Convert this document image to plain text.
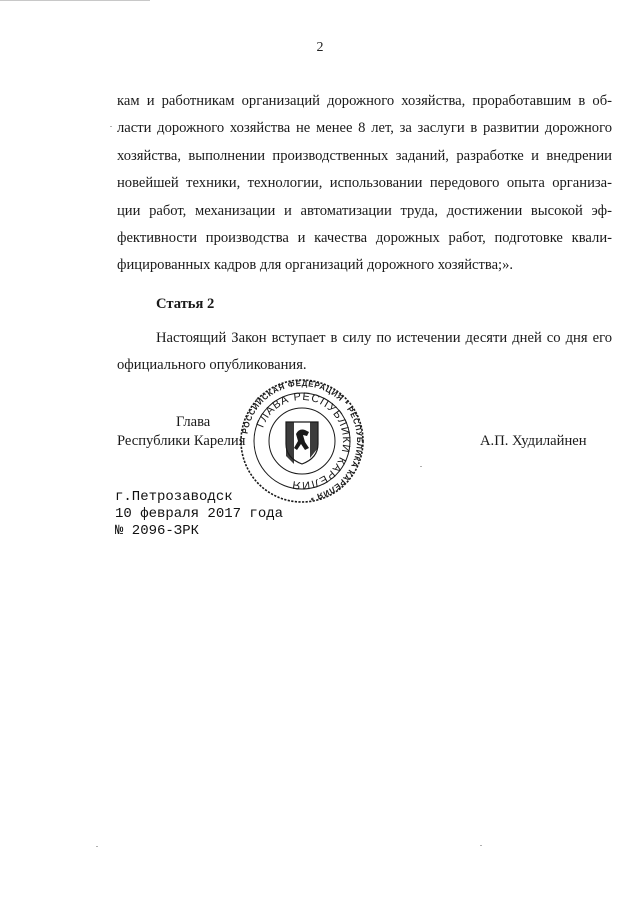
2
кам и работникам организаций дорожного хозяйства, проработавшим в об-
ласти дорожного хозяйства не менее 8 лет, за заслуги в развитии дорожного
хозяйства, выполнении производственных заданий, разработке и внедрении
новейшей техники, технологии, использовании передового опыта организа-
ции работ, механизации и автоматизации труда, достижении высокой эф-
фективности производства и качества дорожных работ, подготовке квали-
фицированных кадров для организаций дорожного хозяйства;».
Статья 2
Настоящий Закон вступает в силу по истечении десяти дней со дня его
официального опубликования.
Глава
Республики Карелия	А.П. Худилайнен
РОССИЙСКАЯ ФЕДЕРАЦИЯ * РЕСПУБЛИКА КАРЕЛИЯ *
ГЛАВА РЕСПУБЛИКИ КАРЕЛИЯ
г.Петрозаводск
10 февраля 2017 года
№ 2096-ЗРК
